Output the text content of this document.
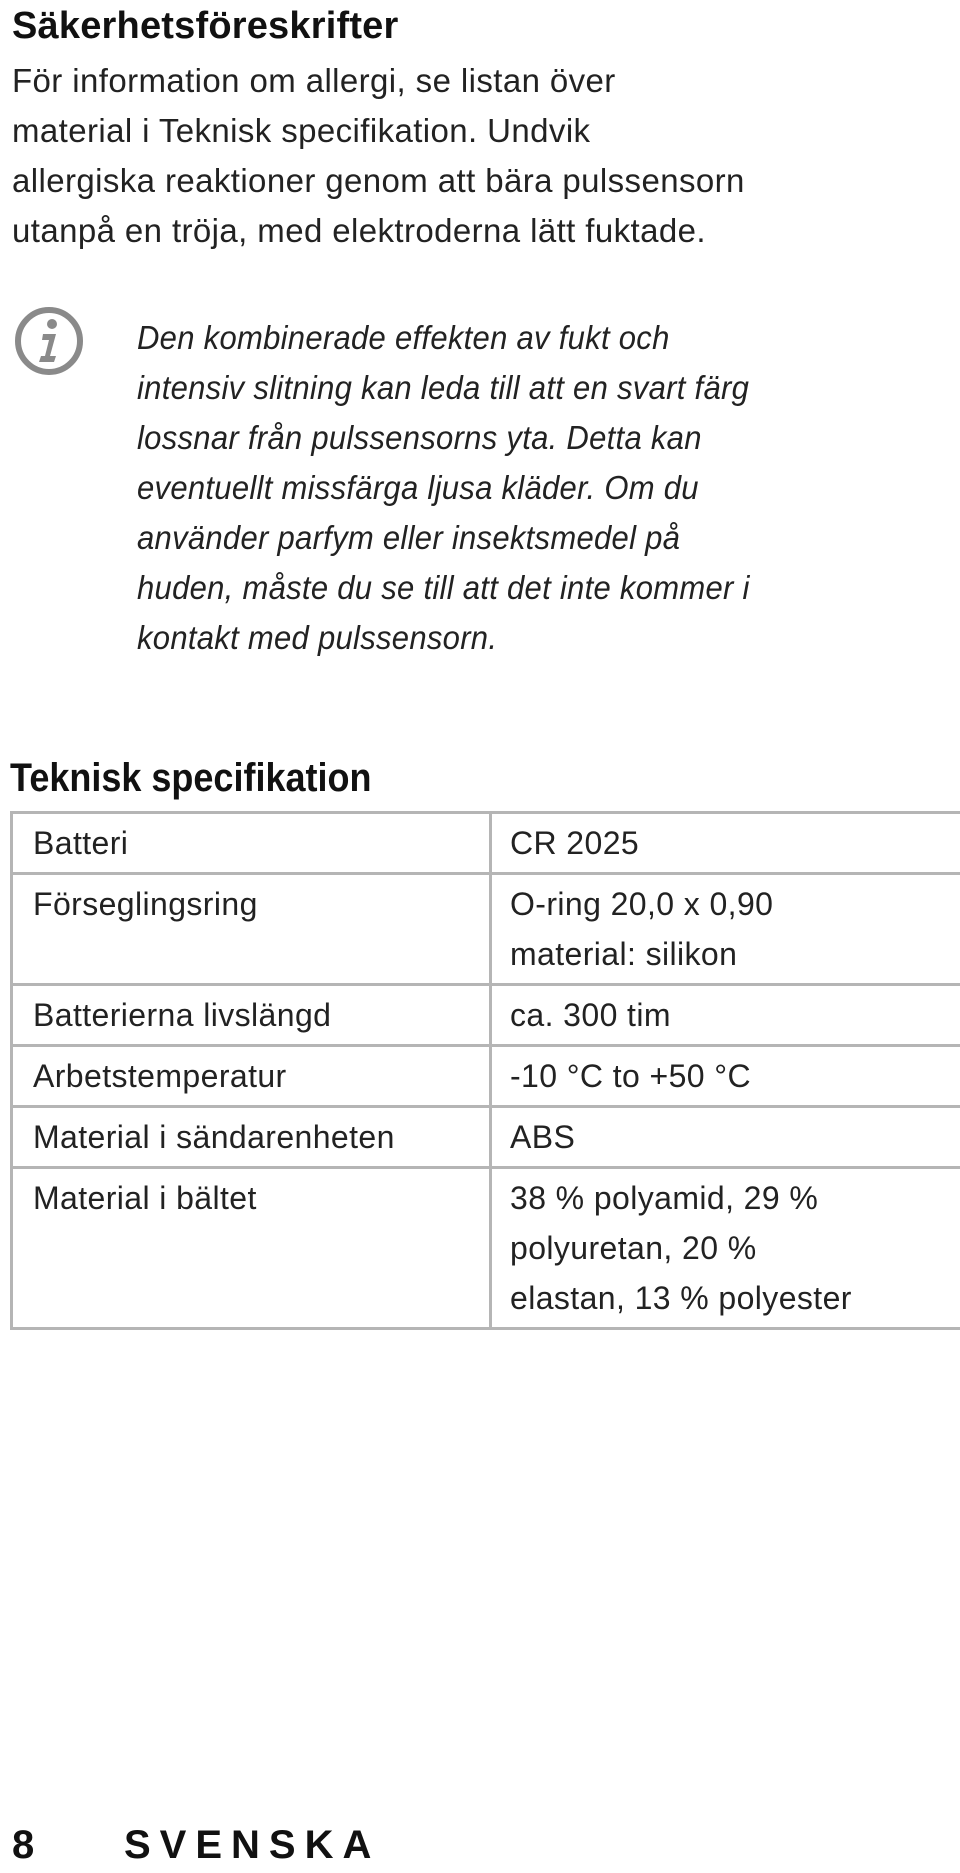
Säkerhetsföreskrifter
För information om allergi, se listan över
material i Teknisk specifikation. Undvik
allergiska reaktioner genom att bära pulssensorn
utanpå en tröja, med elektroderna lätt fuktade.
Den kombinerade effekten av fukt och
intensiv slitning kan leda till att en svart färg
lossnar från pulssensorns yta. Detta kan
eventuellt missfärga ljusa kläder. Om du
använder parfym eller insektsmedel på
huden, måste du se till att det inte kommer i
kontakt med pulssensorn.
Teknisk specifikation
Batteri	CR 2025

Förseglingsring	O-ring 20,0 x 0,90
material: silikon

Batterierna livslängd	ca. 300 tim

Arbetstemperatur	-10 °C to +50 °C

Material i sändarenheten	ABS

Material i bältet	38 % polyamid, 29 %
polyuretan, 20 %
elastan, 13 % polyester
8 SVENSKA
